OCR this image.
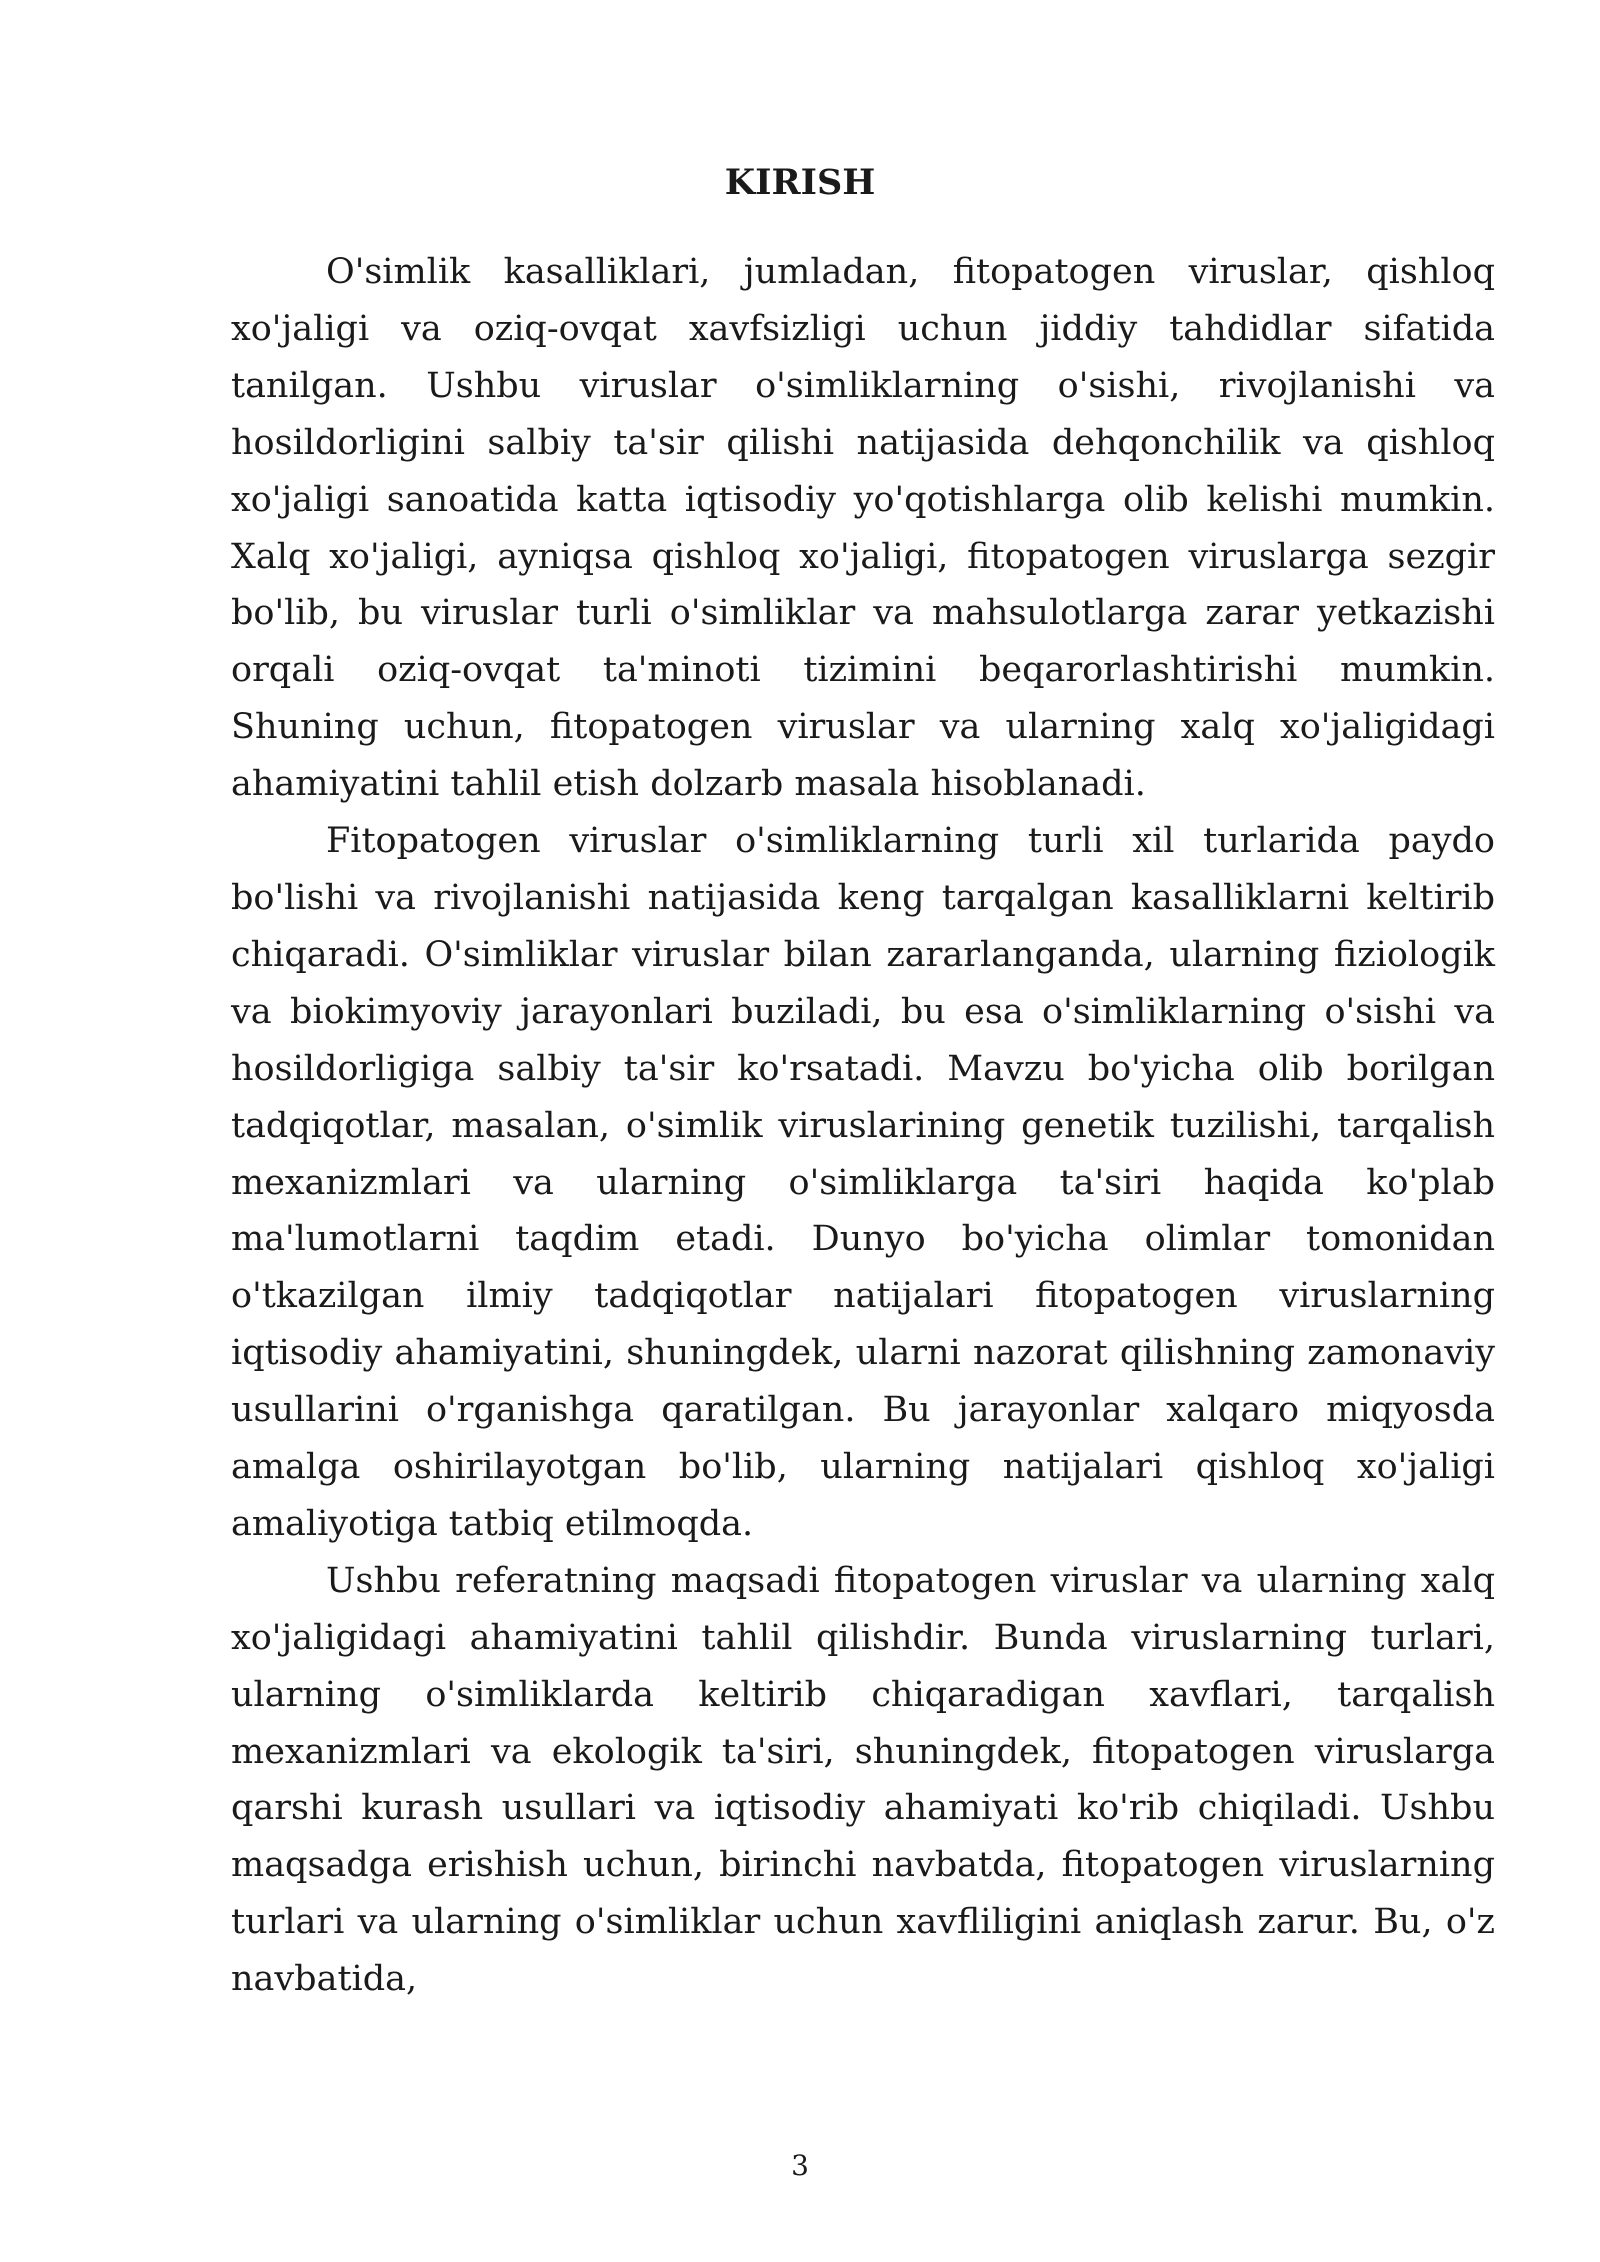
KIRISH

O'simlik kasalliklari, jumladan, fitopatogen viruslar, qishloq xo'jaligi va oziq-ovqat xavfsizligi uchun jiddiy tahdidlar sifatida tanilgan. Ushbu viruslar o'simliklarning o'sishi, rivojlanishi va hosildorligini salbiy ta'sir qilishi natijasida dehqonchilik va qishloq xo'jaligi sanoatida katta iqtisodiy yo'qotishlarga olib kelishi mumkin. Xalq xo'jaligi, ayniqsa qishloq xo'jaligi, fitopatogen viruslarga sezgir bo'lib, bu viruslar turli o'simliklar va mahsulotlarga zarar yetkazishi orqali oziq-ovqat ta'minoti tizimini beqarorlashtirishi mumkin. Shuning uchun, fitopatogen viruslar va ularning xalq xo'jaligidagi ahamiyatini tahlil etish dolzarb masala hisoblanadi.

Fitopatogen viruslar o'simliklarning turli xil turlarida paydo bo'lishi va rivojlanishi natijasida keng tarqalgan kasalliklarni keltirib chiqaradi. O'simliklar viruslar bilan zararlanganda, ularning fiziologik va biokimyoviy jarayonlari buziladi, bu esa o'simliklarning o'sishi va hosildorligiga salbiy ta'sir ko'rsatadi. Mavzu bo'yicha olib borilgan tadqiqotlar, masalan, o'simlik viruslarining genetik tuzilishi, tarqalish mexanizmlari va ularning o'simliklarga ta'siri haqida ko'plab ma'lumotlarni taqdim etadi. Dunyo bo'yicha olimlar tomonidan o'tkazilgan ilmiy tadqiqotlar natijalari fitopatogen viruslarning iqtisodiy ahamiyatini, shuningdek, ularni nazorat qilishning zamonaviy usullarini o'rganishga qaratilgan. Bu jarayonlar xalqaro miqyosda amalga oshirilayotgan bo'lib, ularning natijalari qishloq xo'jaligi amaliyotiga tatbiq etilmoqda.

Ushbu referatning maqsadi fitopatogen viruslar va ularning xalq xo'jaligidagi ahamiyatini tahlil qilishdir. Bunda viruslarning turlari, ularning o'simliklarda keltirib chiqaradigan xavflari, tarqalish mexanizmlari va ekologik ta'siri, shuningdek, fitopatogen viruslarga qarshi kurash usullari va iqtisodiy ahamiyati ko'rib chiqiladi. Ushbu maqsadga erishish uchun, birinchi navbatda, fitopatogen viruslarning turlari va ularning o'simliklar uchun xavfliligini aniqlash zarur. Bu, o'z navbatida,

3
